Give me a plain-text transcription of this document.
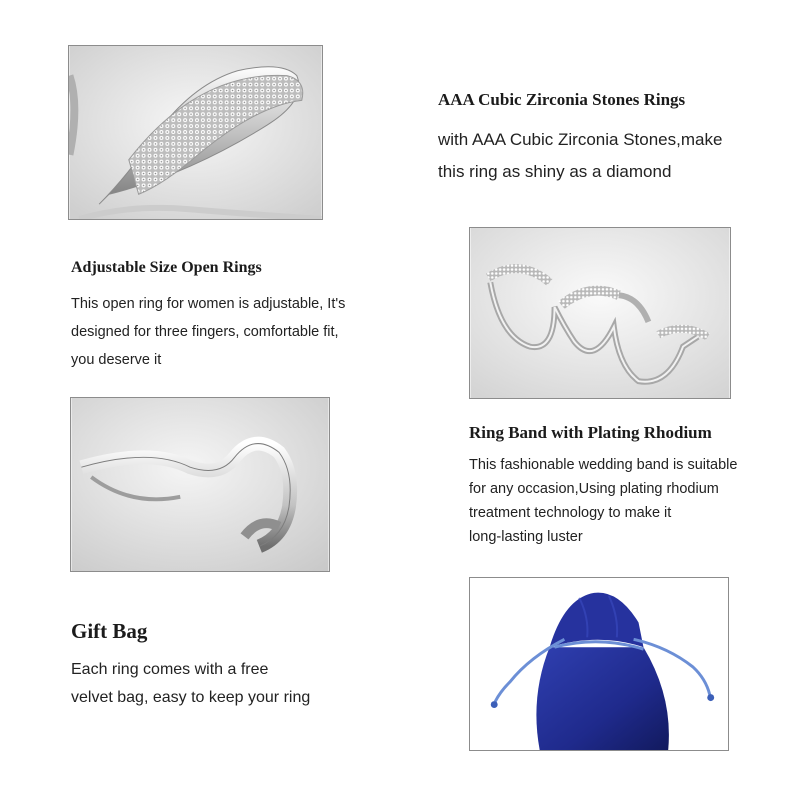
AAA Cubic Zirconia Stones Rings

with AAA Cubic Zirconia Stones,make
this ring as shiny as a diamond

Adjustable Size Open Rings

This open ring for women is adjustable, It's
designed for three fingers, comfortable fit,
you deserve it

Ring Band with Plating Rhodium

This fashionable wedding band is suitable
for any occasion,Using plating rhodium
treatment technology to make it
long-lasting luster

Gift Bag

Each ring comes with a free
velvet bag, easy to keep your ring
